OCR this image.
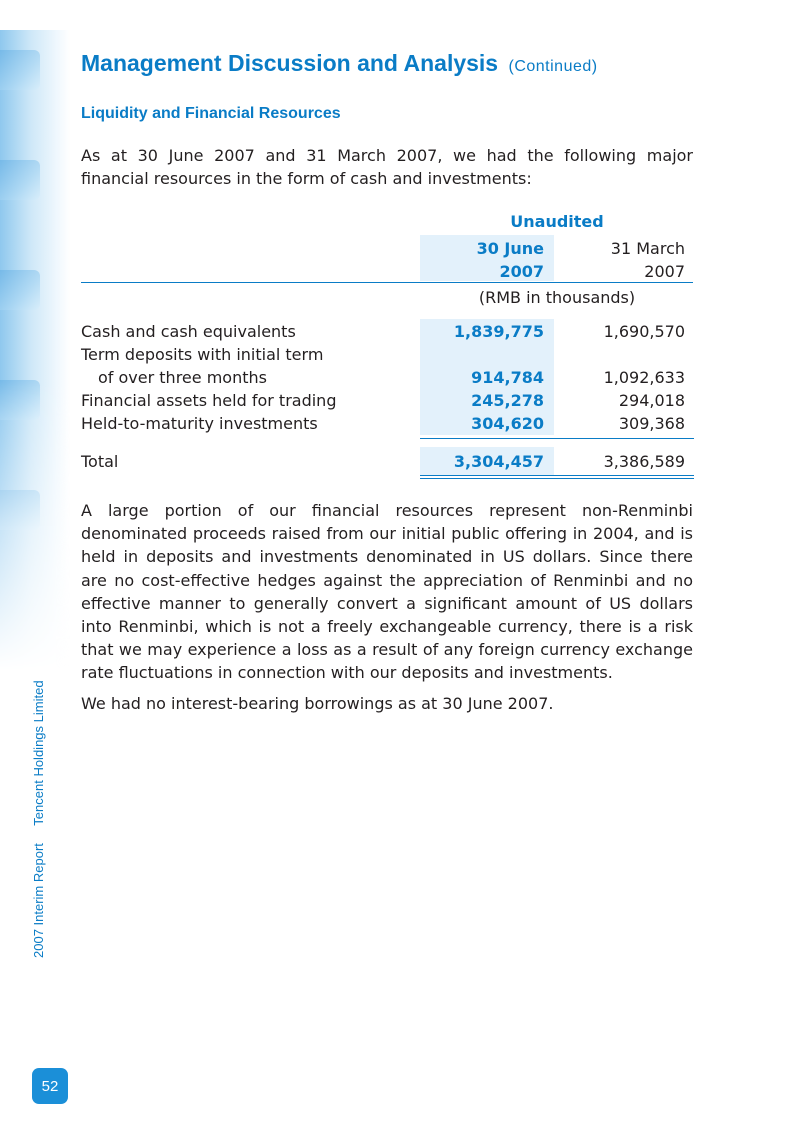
Management Discussion and Analysis (Continued)
Liquidity and Financial Resources

As at 30 June 2007 and 31 March 2007, we had the following major financial resources in the form of cash and investments:

Unaudited
30 June
2007
31 March
2007
(RMB in thousands)
Cash and cash equivalents	1,839,775	1,690,570
Term deposits with initial term
of over three months	914,784	1,092,633
Financial assets held for trading	245,278	294,018
Held-to-maturity investments	304,620	309,368
Total	3,304,457	3,386,589

A large portion of our financial resources represent non-Renminbi denominated proceeds raised from our initial public offering in 2004, and is held in deposits and investments denominated in US dollars. Since there are no cost-effective hedges against the appreciation of Renminbi and no effective manner to generally convert a significant amount of US dollars into Renminbi, which is not a freely exchangeable currency, there is a risk that we may experience a loss as a result of any foreign currency exchange rate fluctuations in connection with our deposits and investments.

We had no interest-bearing borrowings as at 30 June 2007.

2007 Interim Report Tencent Holdings Limited
52
